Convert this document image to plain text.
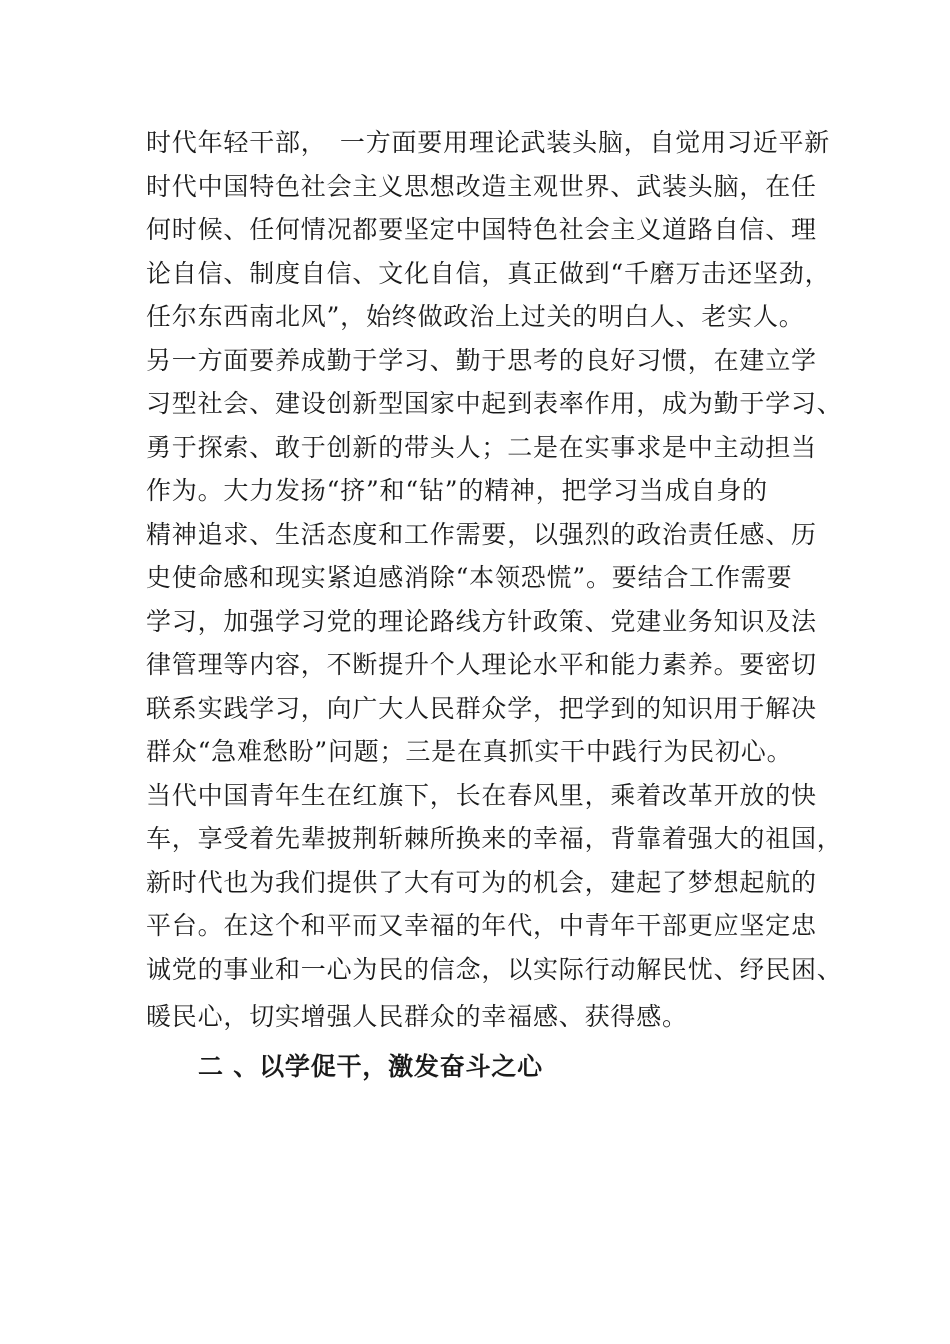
时代年轻干部，　一方面要用理论武装头脑，自觉用习近平新
时代中国特色社会主义思想改造主观世界、武装头脑，在任
何时候、任何情况都要坚定中国特色社会主义道路自信、理
论自信、制度自信、文化自信，真正做到“千磨万击还坚劲，
任尔东西南北风”，始终做政治上过关的明白人、老实人。
另一方面要养成勤于学习、勤于思考的良好习惯，在建立学
习型社会、建设创新型国家中起到表率作用，成为勤于学习、
勇于探索、敢于创新的带头人；二是在实事求是中主动担当
作为。大力发扬“挤”和“钻”的精神，把学习当成自身的
精神追求、生活态度和工作需要，以强烈的政治责任感、历
史使命感和现实紧迫感消除“本领恐慌”。要结合工作需要
学习，加强学习党的理论路线方针政策、党建业务知识及法
律管理等内容，不断提升个人理论水平和能力素养。要密切
联系实践学习，向广大人民群众学，把学到的知识用于解决
群众“急难愁盼”问题；三是在真抓实干中践行为民初心。
当代中国青年生在红旗下，长在春风里，乘着改革开放的快
车，享受着先辈披荆斩棘所换来的幸福，背靠着强大的祖国，
新时代也为我们提供了大有可为的机会，建起了梦想起航的
平台。在这个和平而又幸福的年代，中青年干部更应坚定忠
诚党的事业和一心为民的信念，以实际行动解民忧、纾民困、
暖民心，切实增强人民群众的幸福感、获得感。
二 、以学促干，激发奋斗之心
